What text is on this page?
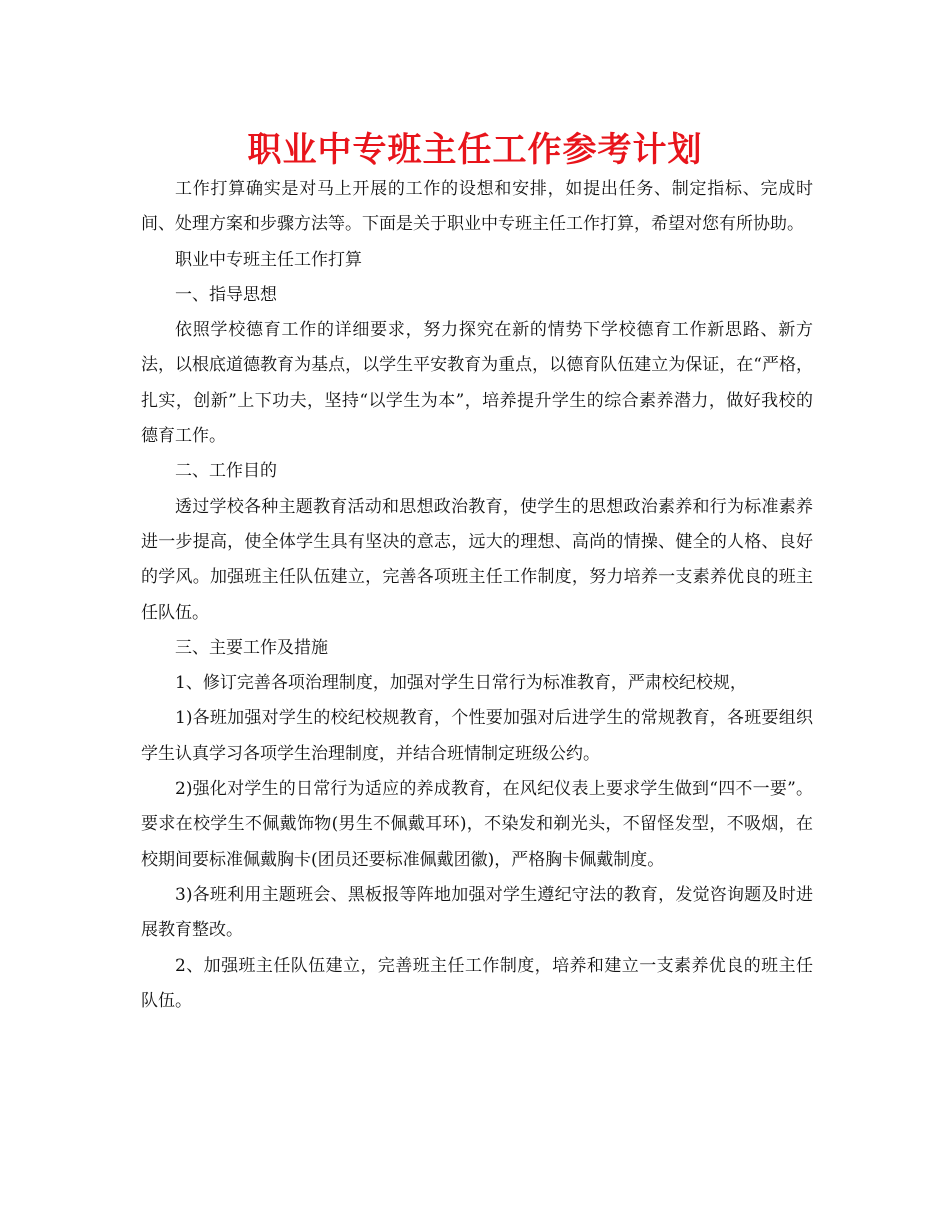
职业中专班主任工作参考计划

工作打算确实是对马上开展的工作的设想和安排，如提出任务、制定指标、完成时间、处理方案和步骤方法等。下面是关于职业中专班主任工作打算，希望对您有所协助。

职业中专班主任工作打算

一、指导思想

依照学校德育工作的详细要求，努力探究在新的情势下学校德育工作新思路、新方法，以根底道德教育为基点，以学生平安教育为重点，以德育队伍建立为保证，在“严格，扎实，创新”上下功夫，坚持“以学生为本”，培养提升学生的综合素养潜力，做好我校的德育工作。

二、工作目的

透过学校各种主题教育活动和思想政治教育，使学生的思想政治素养和行为标准素养进一步提高，使全体学生具有坚决的意志，远大的理想、高尚的情操、健全的人格、良好的学风。加强班主任队伍建立，完善各项班主任工作制度，努力培养一支素养优良的班主任队伍。

三、主要工作及措施

1、修订完善各项治理制度，加强对学生日常行为标准教育，严肃校纪校规，

1)各班加强对学生的校纪校规教育，个性要加强对后进学生的常规教育，各班要组织学生认真学习各项学生治理制度，并结合班情制定班级公约。

2)强化对学生的日常行为适应的养成教育，在风纪仪表上要求学生做到“四不一要”。要求在校学生不佩戴饰物(男生不佩戴耳环)，不染发和剃光头，不留怪发型，不吸烟，在校期间要标准佩戴胸卡(团员还要标准佩戴团徽)，严格胸卡佩戴制度。

3)各班利用主题班会、黑板报等阵地加强对学生遵纪守法的教育，发觉咨询题及时进展教育整改。

2、加强班主任队伍建立，完善班主任工作制度，培养和建立一支素养优良的班主任队伍。
